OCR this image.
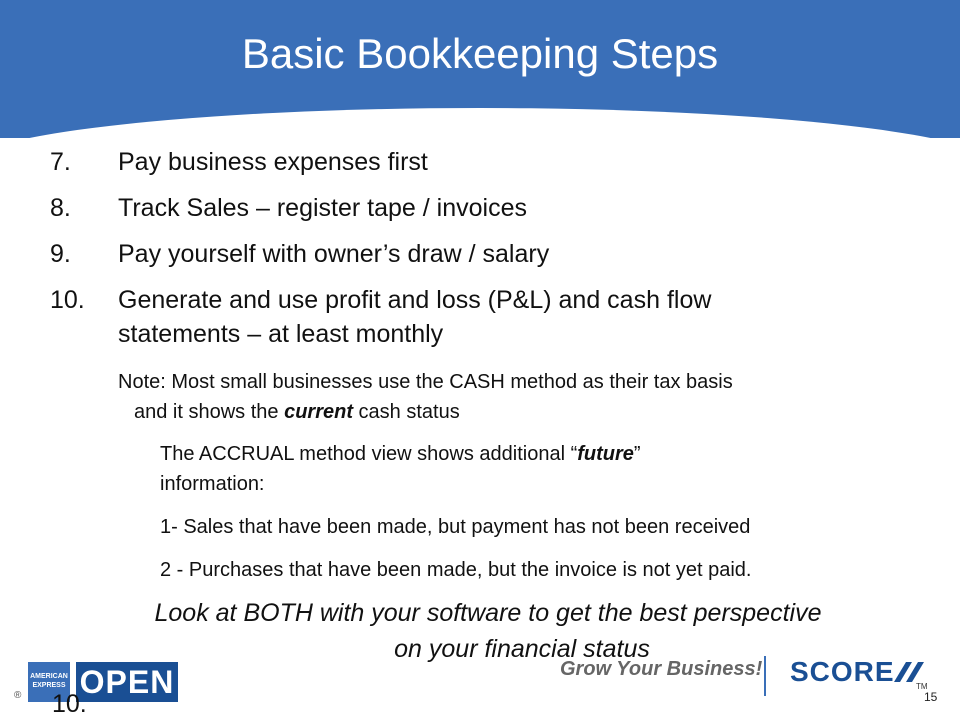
Basic Bookkeeping Steps
7. Pay business expenses first
8. Track Sales – register tape / invoices
9. Pay yourself with owner’s draw / salary
10. Generate and use profit and loss (P&L) and cash flow statements – at least monthly
Note: Most small businesses use the CASH method as their tax basis
and it shows the current cash status
The ACCRUAL method view shows additional “future”
information:
1- Sales that have been made, but payment has not been received
2 - Purchases that have been made, but the invoice is not yet paid.
Look at BOTH with your software to get the best perspective
on your financial status
AMERICAN EXPRESS OPEN
® 10.
Grow Your Business! SCORE	TM
15
